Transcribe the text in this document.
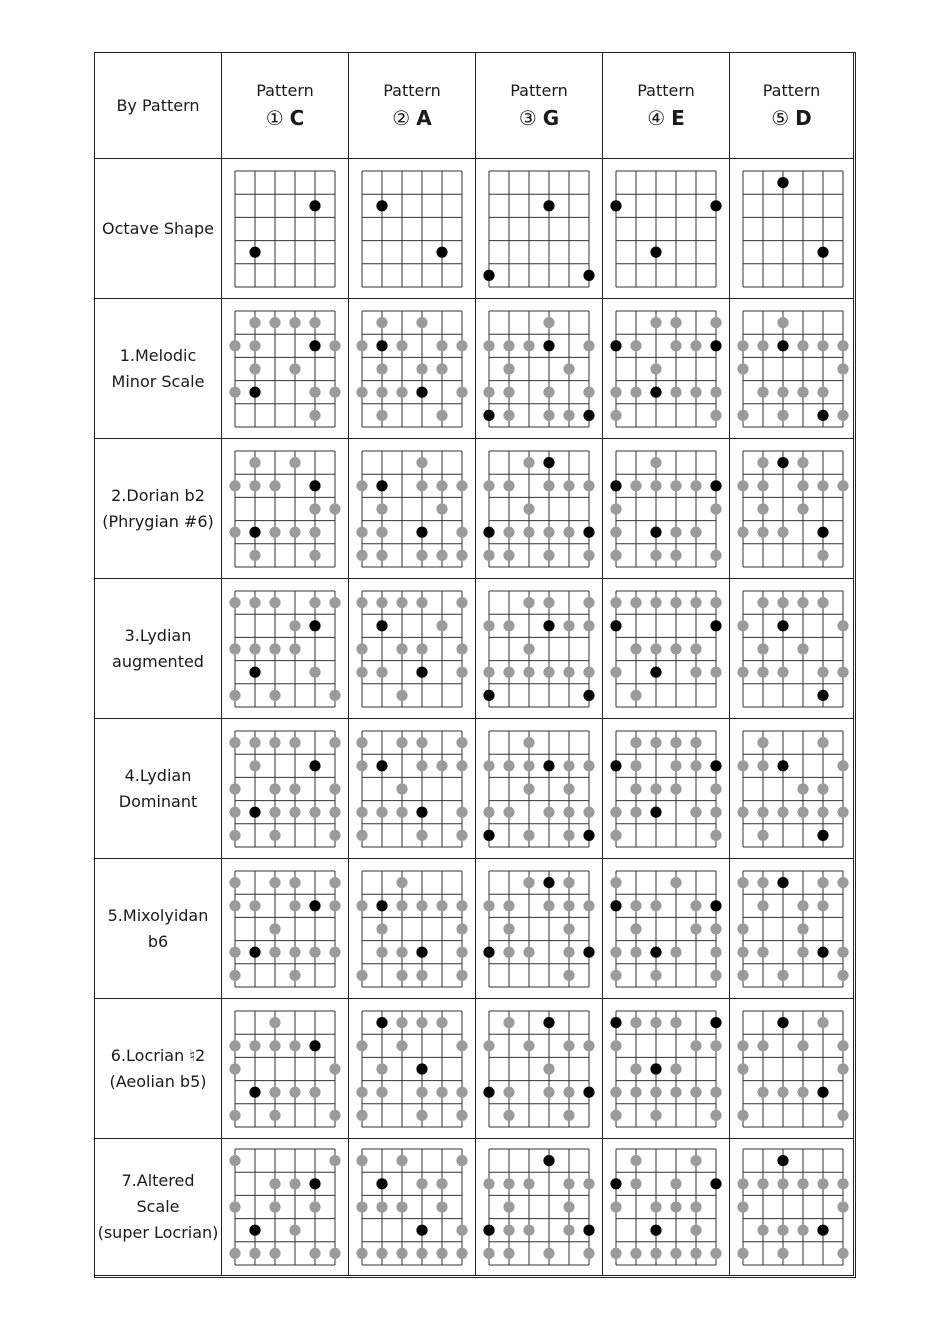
By Pattern
Pattern
① C
Pattern
② A
Pattern
③ G
Pattern
④ E
Pattern
⑤ D
Octave Shape
1.Melodic
Minor Scale
2.Dorian b2
(Phrygian #6)
3.Lydian
augmented
4.Lydian
Dominant
5.Mixolyidan
b6
6.Locrian ♮2
(Aeolian b5)
7.Altered
Scale
(super Locrian)
